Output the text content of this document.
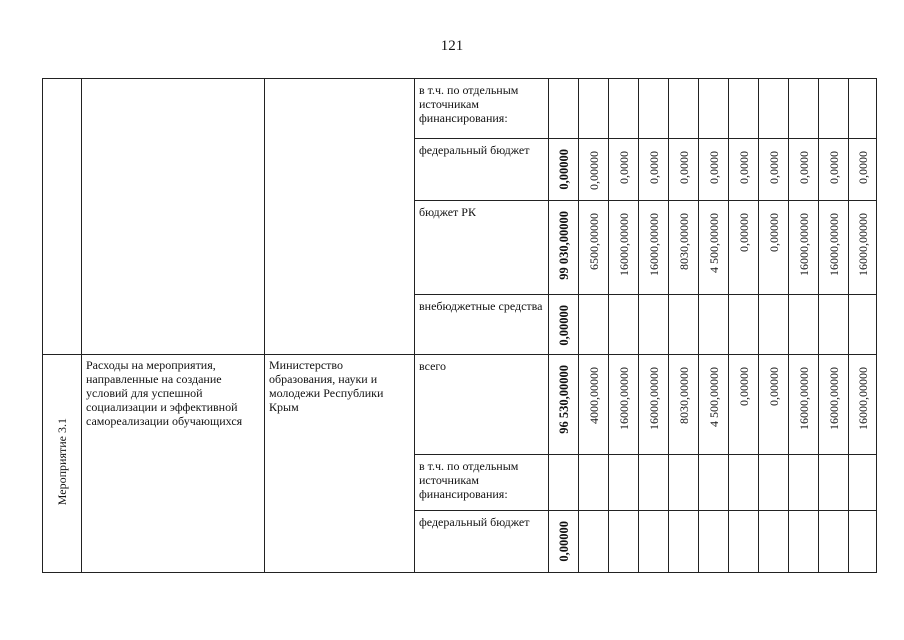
121

			в т.ч. по отдельным источникам финансирования:											

			федеральный бюджет	0,00000	0,00000	0,0000	0,0000	0,0000	0,0000	0,0000	0,0000	0,0000	0,0000	0,0000

			бюджет РК	99 030,00000	6500,00000	16000,00000	16000,00000	8030,00000	4 500,00000	0,00000	0,00000	16000,00000	16000,00000	16000,00000

			внебюджетные средства	0,00000										

Мероприятие 3.1	Расходы на мероприятия, направленные на создание условий для успешной социализации и эффективной самореализации обучающихся	Министерство образования, науки и молодежи Республики Крым	всего	96 530,00000	4000,00000	16000,00000	16000,00000	8030,00000	4 500,00000	0,00000	0,00000	16000,00000	16000,00000	16000,00000

			в т.ч. по отдельным источникам финансирования:											

			федеральный бюджет	0,00000										
